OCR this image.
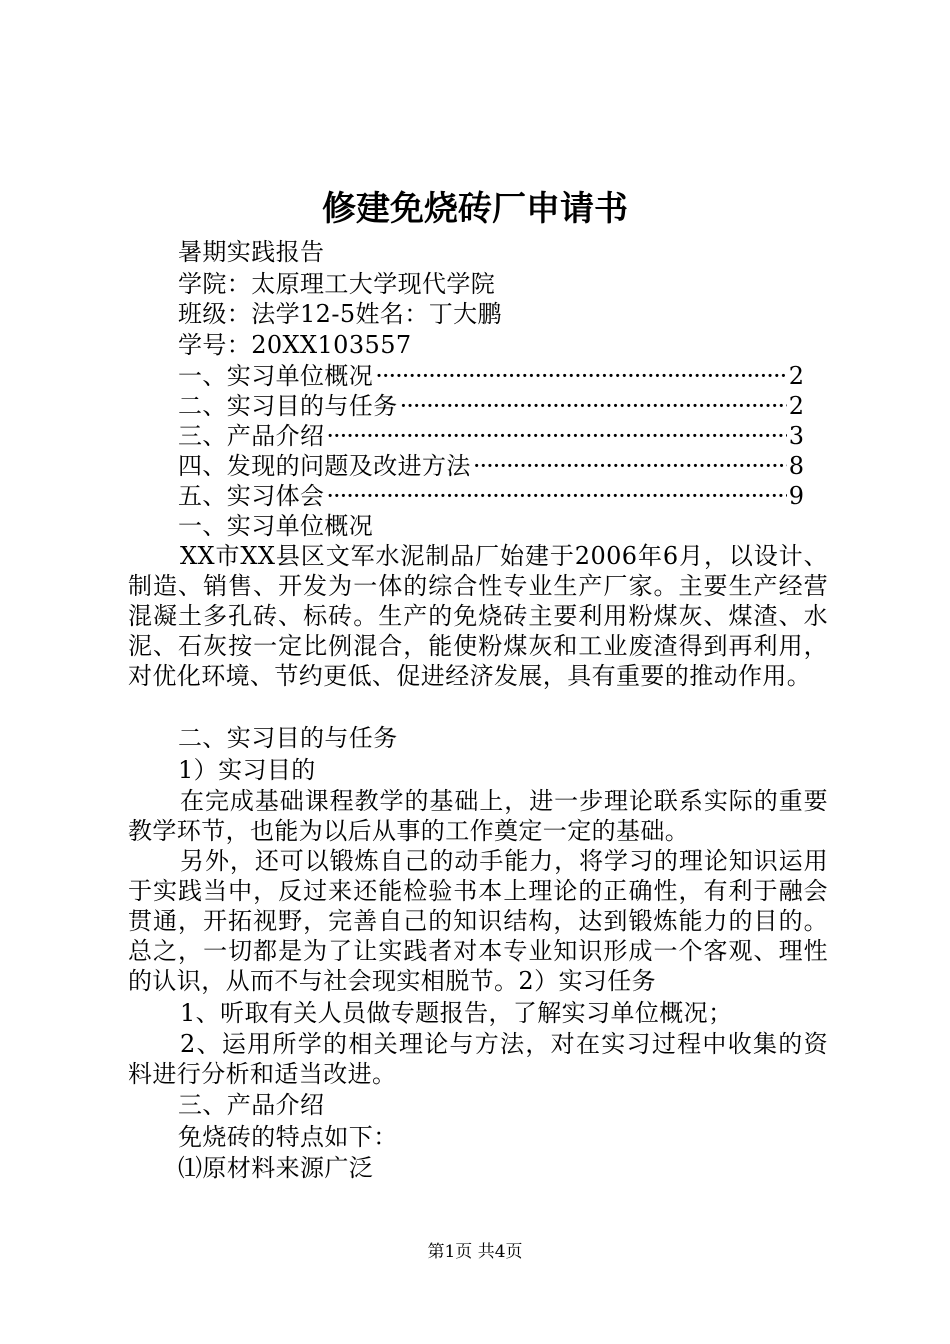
修建免烧砖厂申请书
暑期实践报告
学院：太原理工大学现代学院
班级：法学12-5姓名：丁大鹏
学号：20XX103557
一、实习单位概况 ·····	2
二、实习目的与任务 ·····	2
三、产品介绍 ·····	3
四、发现的问题及改进方法 ·····	8
五、实习体会 ·····	9
一、实习单位概况
XX市XX县区文军水泥制品厂始建于2006年6月，以设计、制造、销售、开发为一体的综合性专业生产厂家。主要生产经营混凝土多孔砖、标砖。生产的免烧砖主要利用粉煤灰、煤渣、水泥、石灰按一定比例混合，能使粉煤灰和工业废渣得到再利用，对优化环境、节约更低、促进经济发展，具有重要的推动作用。
二、实习目的与任务
1）实习目的
在完成基础课程教学的基础上，进一步理论联系实际的重要教学环节，也能为以后从事的工作奠定一定的基础。
另外，还可以锻炼自己的动手能力，将学习的理论知识运用于实践当中，反过来还能检验书本上理论的正确性，有利于融会贯通，开拓视野，完善自己的知识结构，达到锻炼能力的目的。总之，一切都是为了让实践者对本专业知识形成一个客观、理性的认识，从而不与社会现实相脱节。2）实习任务
1、听取有关人员做专题报告，了解实习单位概况；
2、运用所学的相关理论与方法，对在实习过程中收集的资料进行分析和适当改进。
三、产品介绍
免烧砖的特点如下：
⑴原材料来源广泛
第1页 共4页
